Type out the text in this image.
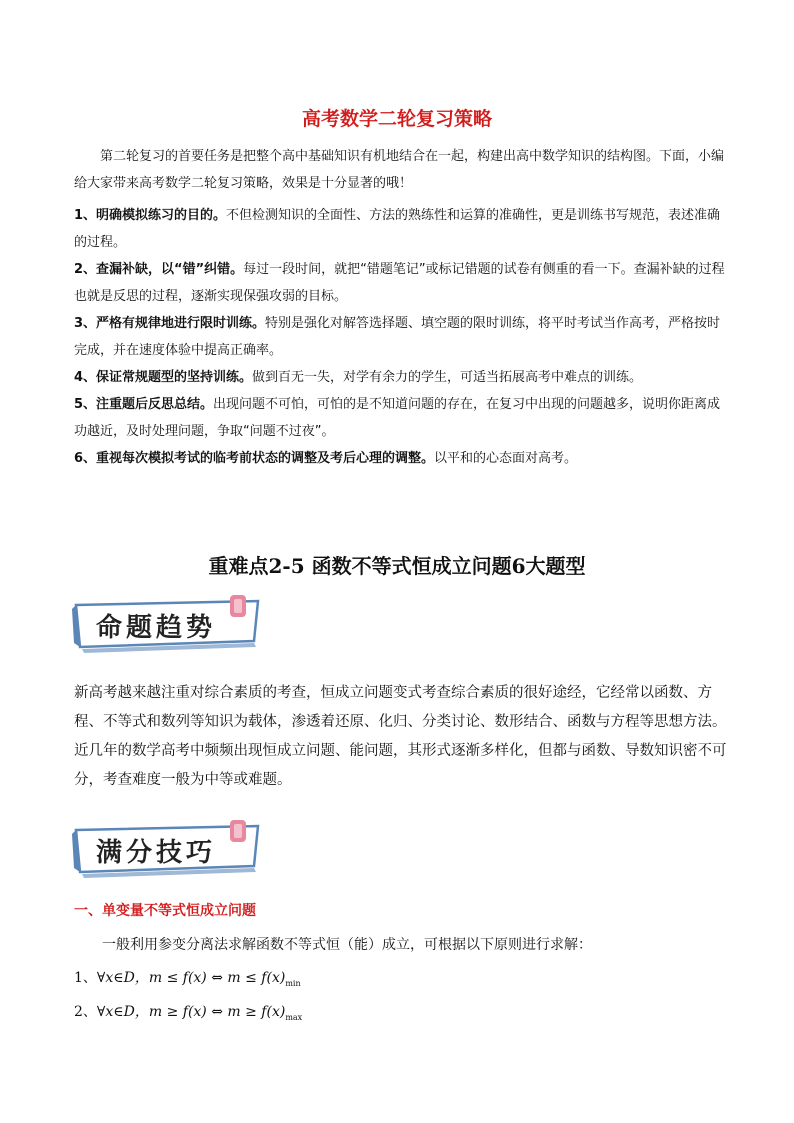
高考数学二轮复习策略

第二轮复习的首要任务是把整个高中基础知识有机地结合在一起，构建出高中数学知识的结构图。下面，小编给大家带来高考数学二轮复习策略，效果是十分显著的哦！

1、明确模拟练习的目的。不但检测知识的全面性、方法的熟练性和运算的准确性，更是训练书写规范，表述准确的过程。

2、查漏补缺，以“错”纠错。每过一段时间，就把“错题笔记”或标记错题的试卷有侧重的看一下。查漏补缺的过程也就是反思的过程，逐渐实现保强攻弱的目标。

3、严格有规律地进行限时训练。特别是强化对解答选择题、填空题的限时训练，将平时考试当作高考，严格按时完成，并在速度体验中提高正确率。

4、保证常规题型的坚持训练。做到百无一失，对学有余力的学生，可适当拓展高考中难点的训练。

5、注重题后反思总结。出现问题不可怕，可怕的是不知道问题的存在，在复习中出现的问题越多，说明你距离成功越近，及时处理问题，争取“问题不过夜”。

6、重视每次模拟考试的临考前状态的调整及考后心理的调整。以平和的心态面对高考。

重难点2-5 函数不等式恒成立问题6大题型
命题趋势

新高考越来越注重对综合素质的考查，恒成立问题变式考查综合素质的很好途经，它经常以函数、方程、不等式和数列等知识为载体，渗透着还原、化归、分类讨论、数形结合、函数与方程等思想方法。近几年的数学高考中频频出现恒成立问题、能问题，其形式逐渐多样化，但都与函数、导数知识密不可分，考查难度一般为中等或难题。

满分技巧
一、单变量不等式恒成立问题
一般利用参变分离法求解函数不等式恒（能）成立，可根据以下原则进行求解：
1、∀x∈D，m ≤ f(x) ⇔ $m \le f(x)_{min}$
2、∀x∈D，m ≥ f(x) ⇔ $m \ge f(x)_{max}$
